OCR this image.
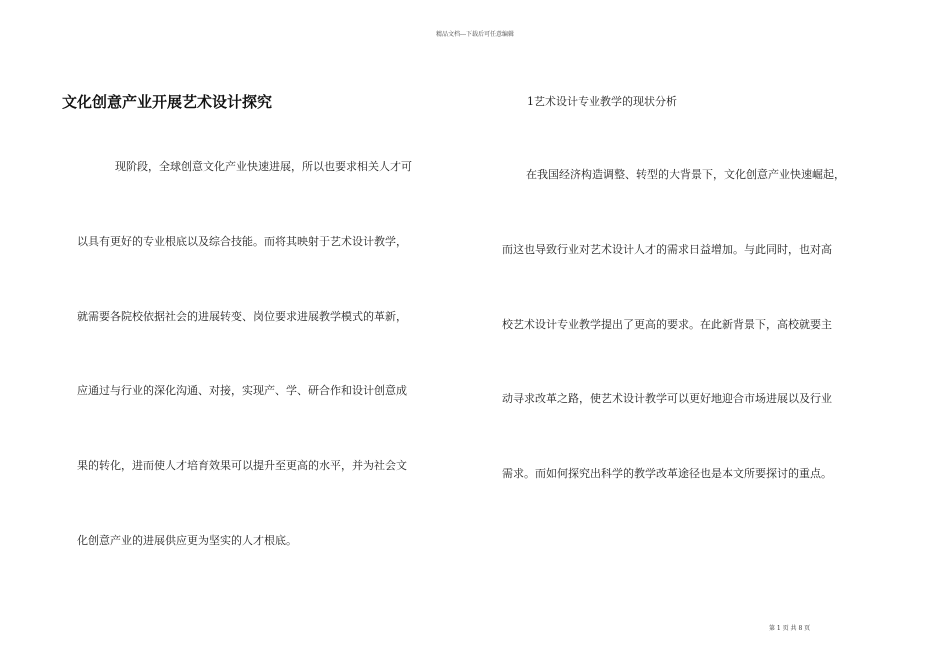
精品文档---下载后可任意编辑
文化创意产业开展艺术设计探究
现阶段，全球创意文化产业快速进展，所以也要求相关人才可
以具有更好的专业根底以及综合技能。而将其映射于艺术设计教学，
就需要各院校依据社会的进展转变、岗位要求进展教学模式的革新，
应通过与行业的深化沟通、对接，实现产、学、研合作和设计创意成
果的转化，进而使人才培育效果可以提升至更高的水平，并为社会文
化创意产业的进展供应更为坚实的人才根底。
1艺术设计专业教学的现状分析
在我国经济构造调整、转型的大背景下，文化创意产业快速崛起，
而这也导致行业对艺术设计人才的需求日益增加。与此同时，也对高
校艺术设计专业教学提出了更高的要求。在此新背景下，高校就要主
动寻求改革之路，使艺术设计教学可以更好地迎合市场进展以及行业
需求。而如何探究出科学的教学改革途径也是本文所要探讨的重点。
第 1 页 共 8 页
